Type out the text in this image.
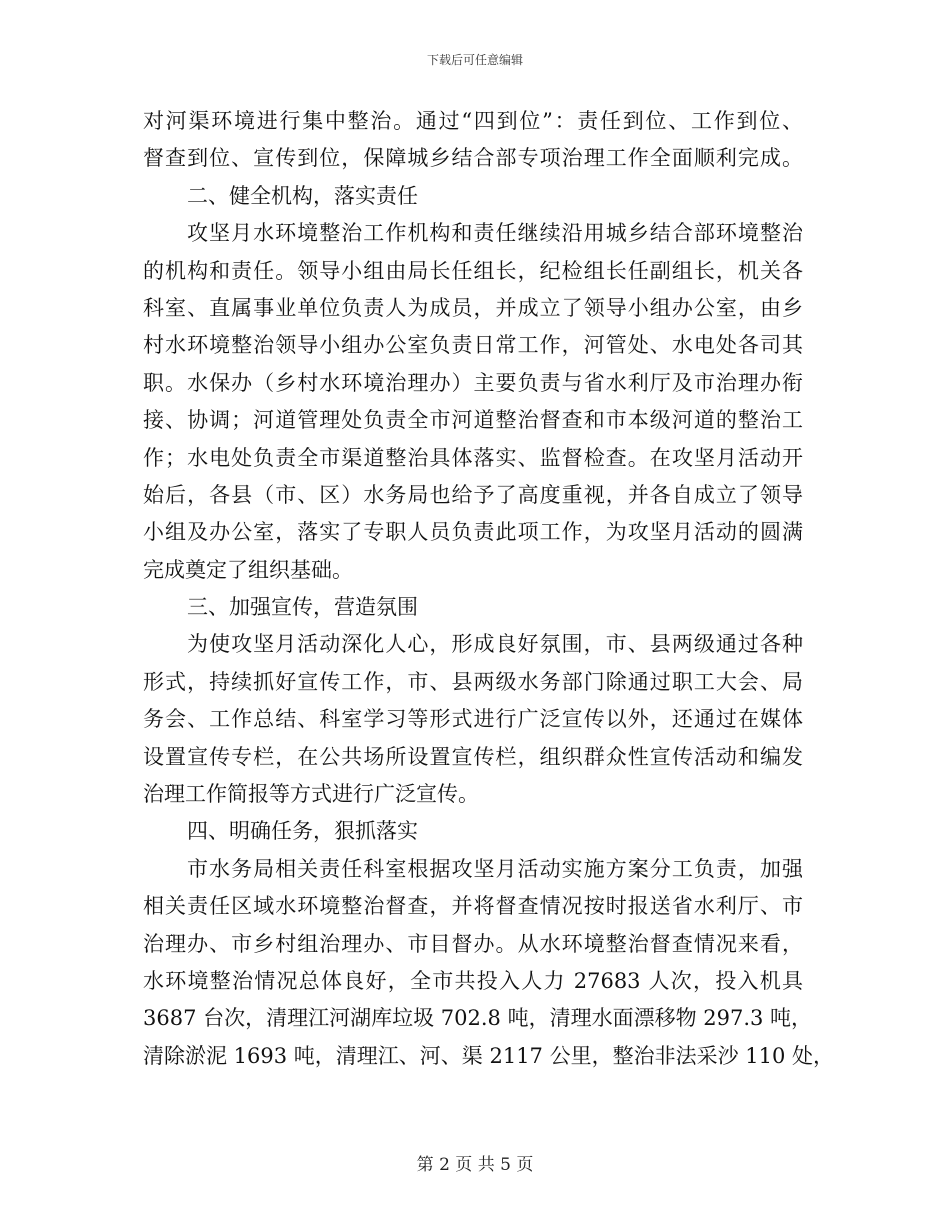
下载后可任意编辑
对河渠环境进行集中整治。通过“四到位”：责任到位、工作到位、
督查到位、宣传到位，保障城乡结合部专项治理工作全面顺利完成。
二、健全机构，落实责任
攻坚月水环境整治工作机构和责任继续沿用城乡结合部环境整治
的机构和责任。领导小组由局长任组长，纪检组长任副组长，机关各
科室、直属事业单位负责人为成员，并成立了领导小组办公室，由乡
村水环境整治领导小组办公室负责日常工作，河管处、水电处各司其
职。水保办（乡村水环境治理办）主要负责与省水利厅及市治理办衔
接、协调；河道管理处负责全市河道整治督查和市本级河道的整治工
作；水电处负责全市渠道整治具体落实、监督检查。在攻坚月活动开
始后，各县（市、区）水务局也给予了高度重视，并各自成立了领导
小组及办公室，落实了专职人员负责此项工作，为攻坚月活动的圆满
完成奠定了组织基础。
三、加强宣传，营造氛围
为使攻坚月活动深化人心，形成良好氛围，市、县两级通过各种
形式，持续抓好宣传工作，市、县两级水务部门除通过职工大会、局
务会、工作总结、科室学习等形式进行广泛宣传以外，还通过在媒体
设置宣传专栏，在公共场所设置宣传栏，组织群众性宣传活动和编发
治理工作简报等方式进行广泛宣传。
四、明确任务，狠抓落实
市水务局相关责任科室根据攻坚月活动实施方案分工负责，加强
相关责任区域水环境整治督查，并将督查情况按时报送省水利厅、市
治理办、市乡村组治理办、市目督办。从水环境整治督查情况来看，
水环境整治情况总体良好，全市共投入人力 27683 人次，投入机具
3687 台次，清理江河湖库垃圾 702.8 吨，清理水面漂移物 297.3 吨，
清除淤泥 1693 吨，清理江、河、渠 2117 公里，整治非法采沙 110 处，
第 2 页 共 5 页
